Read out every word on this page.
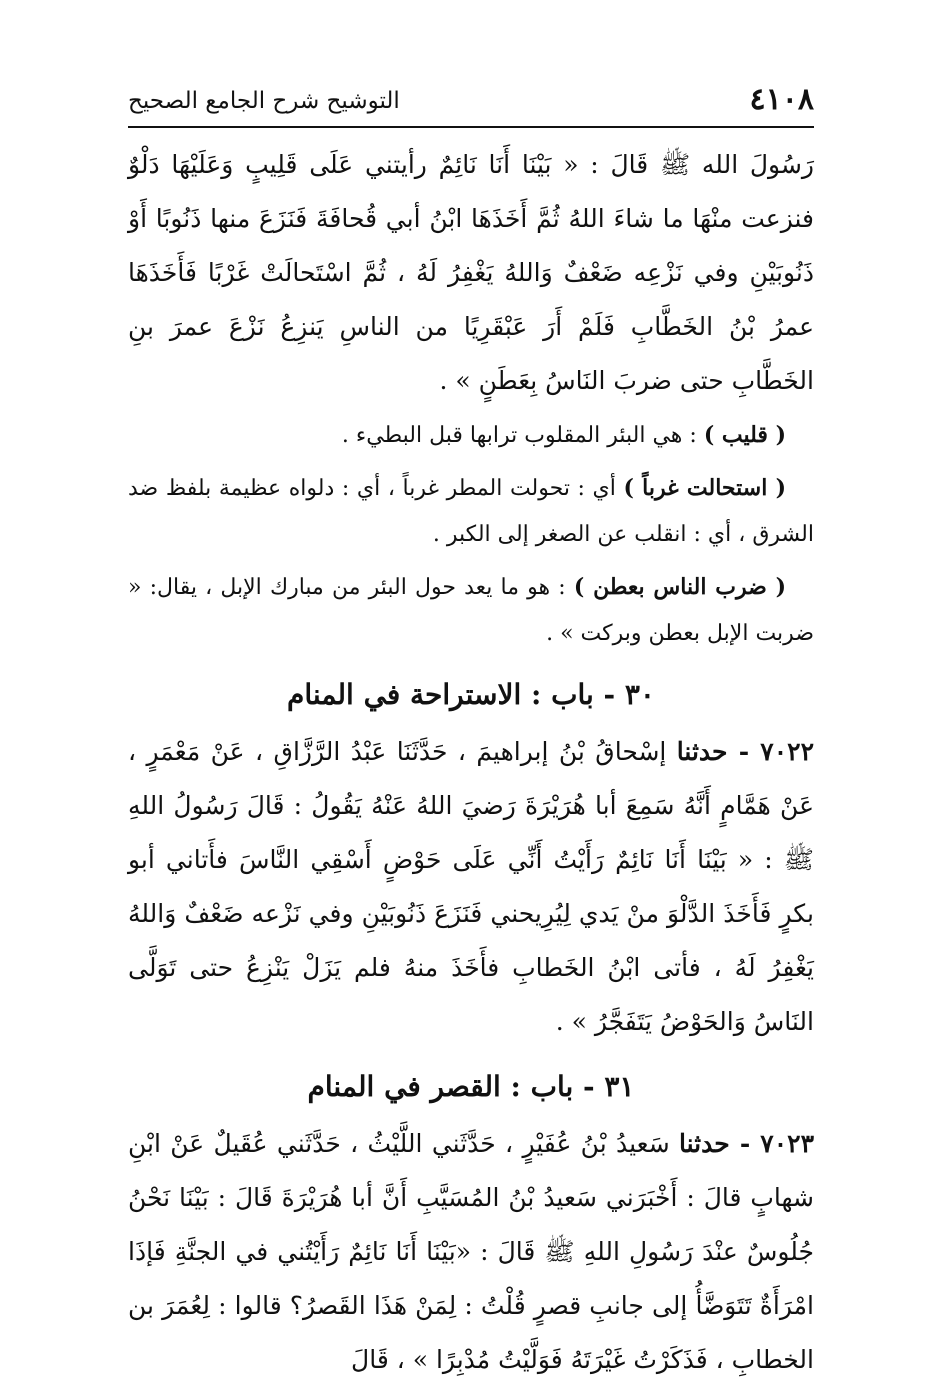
٤١٠٨
التوشيح شرح الجامع الصحيح

رَسُولَ الله ﷺ قَالَ : « بَيْنَا أَنَا نَائِمٌ رأيتني عَلَى قَلِيبٍ وَعَلَيْهَا دَلْوٌ فنزعت منْهَا ما شاءَ اللهُ ثُمَّ أَخَذَهَا ابْنُ أبي قُحافَةَ فَنَزَعَ منها ذَنُوبًا أَوْ ذَنُوبَيْنِ وفي نَزْعِه ضَعْفٌ وَاللهُ يَغْفِرُ لَهُ ، ثُمَّ اسْتَحالَتْ غَرْبًا فَأَخَذَهَا عمرُ بْنُ الخَطَّابِ فَلَمْ أَرَ عَبْقَرِيًا من الناسِ يَنزِعُ نَزْعَ عمرَ بنِ الخَطَّابِ حتى ضربَ النَاسُ بِعَطَنٍ » .

( قليب ) : هي البئر المقلوب ترابها قبل البطيء .

( استحالت غرباً ) أي : تحولت المطر غرباً ، أي : دلواه عظيمة بلفظ ضد الشرق ، أي : انقلب عن الصغر إلى الكبر .

( ضرب الناس بعطن ) : هو ما يعد حول البئر من مبارك الإبل ، يقال: « ضربت الإبل بعطن وبركت » .

٣٠ - باب : الاستراحة في المنام

٧٠٢٢ - حدثنا إسْحاقُ بْنُ إبراهيمَ ، حَدَّثَنَا عَبْدُ الرَّزَّاقِ ، عَنْ مَعْمَرٍ ، عَنْ هَمَّامٍ أَنَّهُ سَمِعَ أبا هُرَيْرَةَ رَضيَ اللهُ عَنْهُ يَقُولُ : قَالَ رَسُولُ اللهِ ﷺ : « بَيْنَا أَنَا نَائِمٌ رَأَيْتُ أَنِّي عَلَى حَوْضٍ أَسْقِي النَّاسَ فأَتاني أبو بكرٍ فَأَخَذَ الدَّلْوَ منْ يَدي لِيُرِيحني فَنَزَعَ ذَنُوبَيْنِ وفي نَزْعه ضَعْفٌ وَاللهُ يَغْفِرُ لَهُ ، فأتى ابْنُ الخَطابِ فأَخَذَ منهُ فلم يَزَلْ يَنْزِعُ حتى تَوَلَّى النَاسُ وَالحَوْضُ يَتَفَجَّرُ » .

٣١ - باب : القصر في المنام

٧٠٢٣ - حدثنا سَعيدُ بْنُ عُفَيْرٍ ، حَدَّثَني اللَّيْثُ ، حَدَّثَني عُقَيلٌ عَنْ ابْنِ شهابٍ قالَ : أَخْبَرَني سَعيدُ بْنُ المُسَيَّبِ أَنَّ أبا هُرَيْرَةَ قَالَ : بَيْنَا نَحْنُ جُلُوسٌ عنْدَ رَسُولِ اللهِ ﷺ قَالَ : «بَيْنَا أَنَا نَائِمٌ رَأَيْتُني في الجنَّةِ فَإذَا امْرَأَةٌ تَتَوَضَّأُ إلى جانبِ قصرٍ قُلْتُ : لِمَنْ هَذَا القَصرُ؟ قالوا : لِعُمَرَ بن الخطابِ ، فَذَكَرْتُ غَيْرَتَهُ فَوَلَّيْتُ مُدْبِرًا » ، قَالَ
